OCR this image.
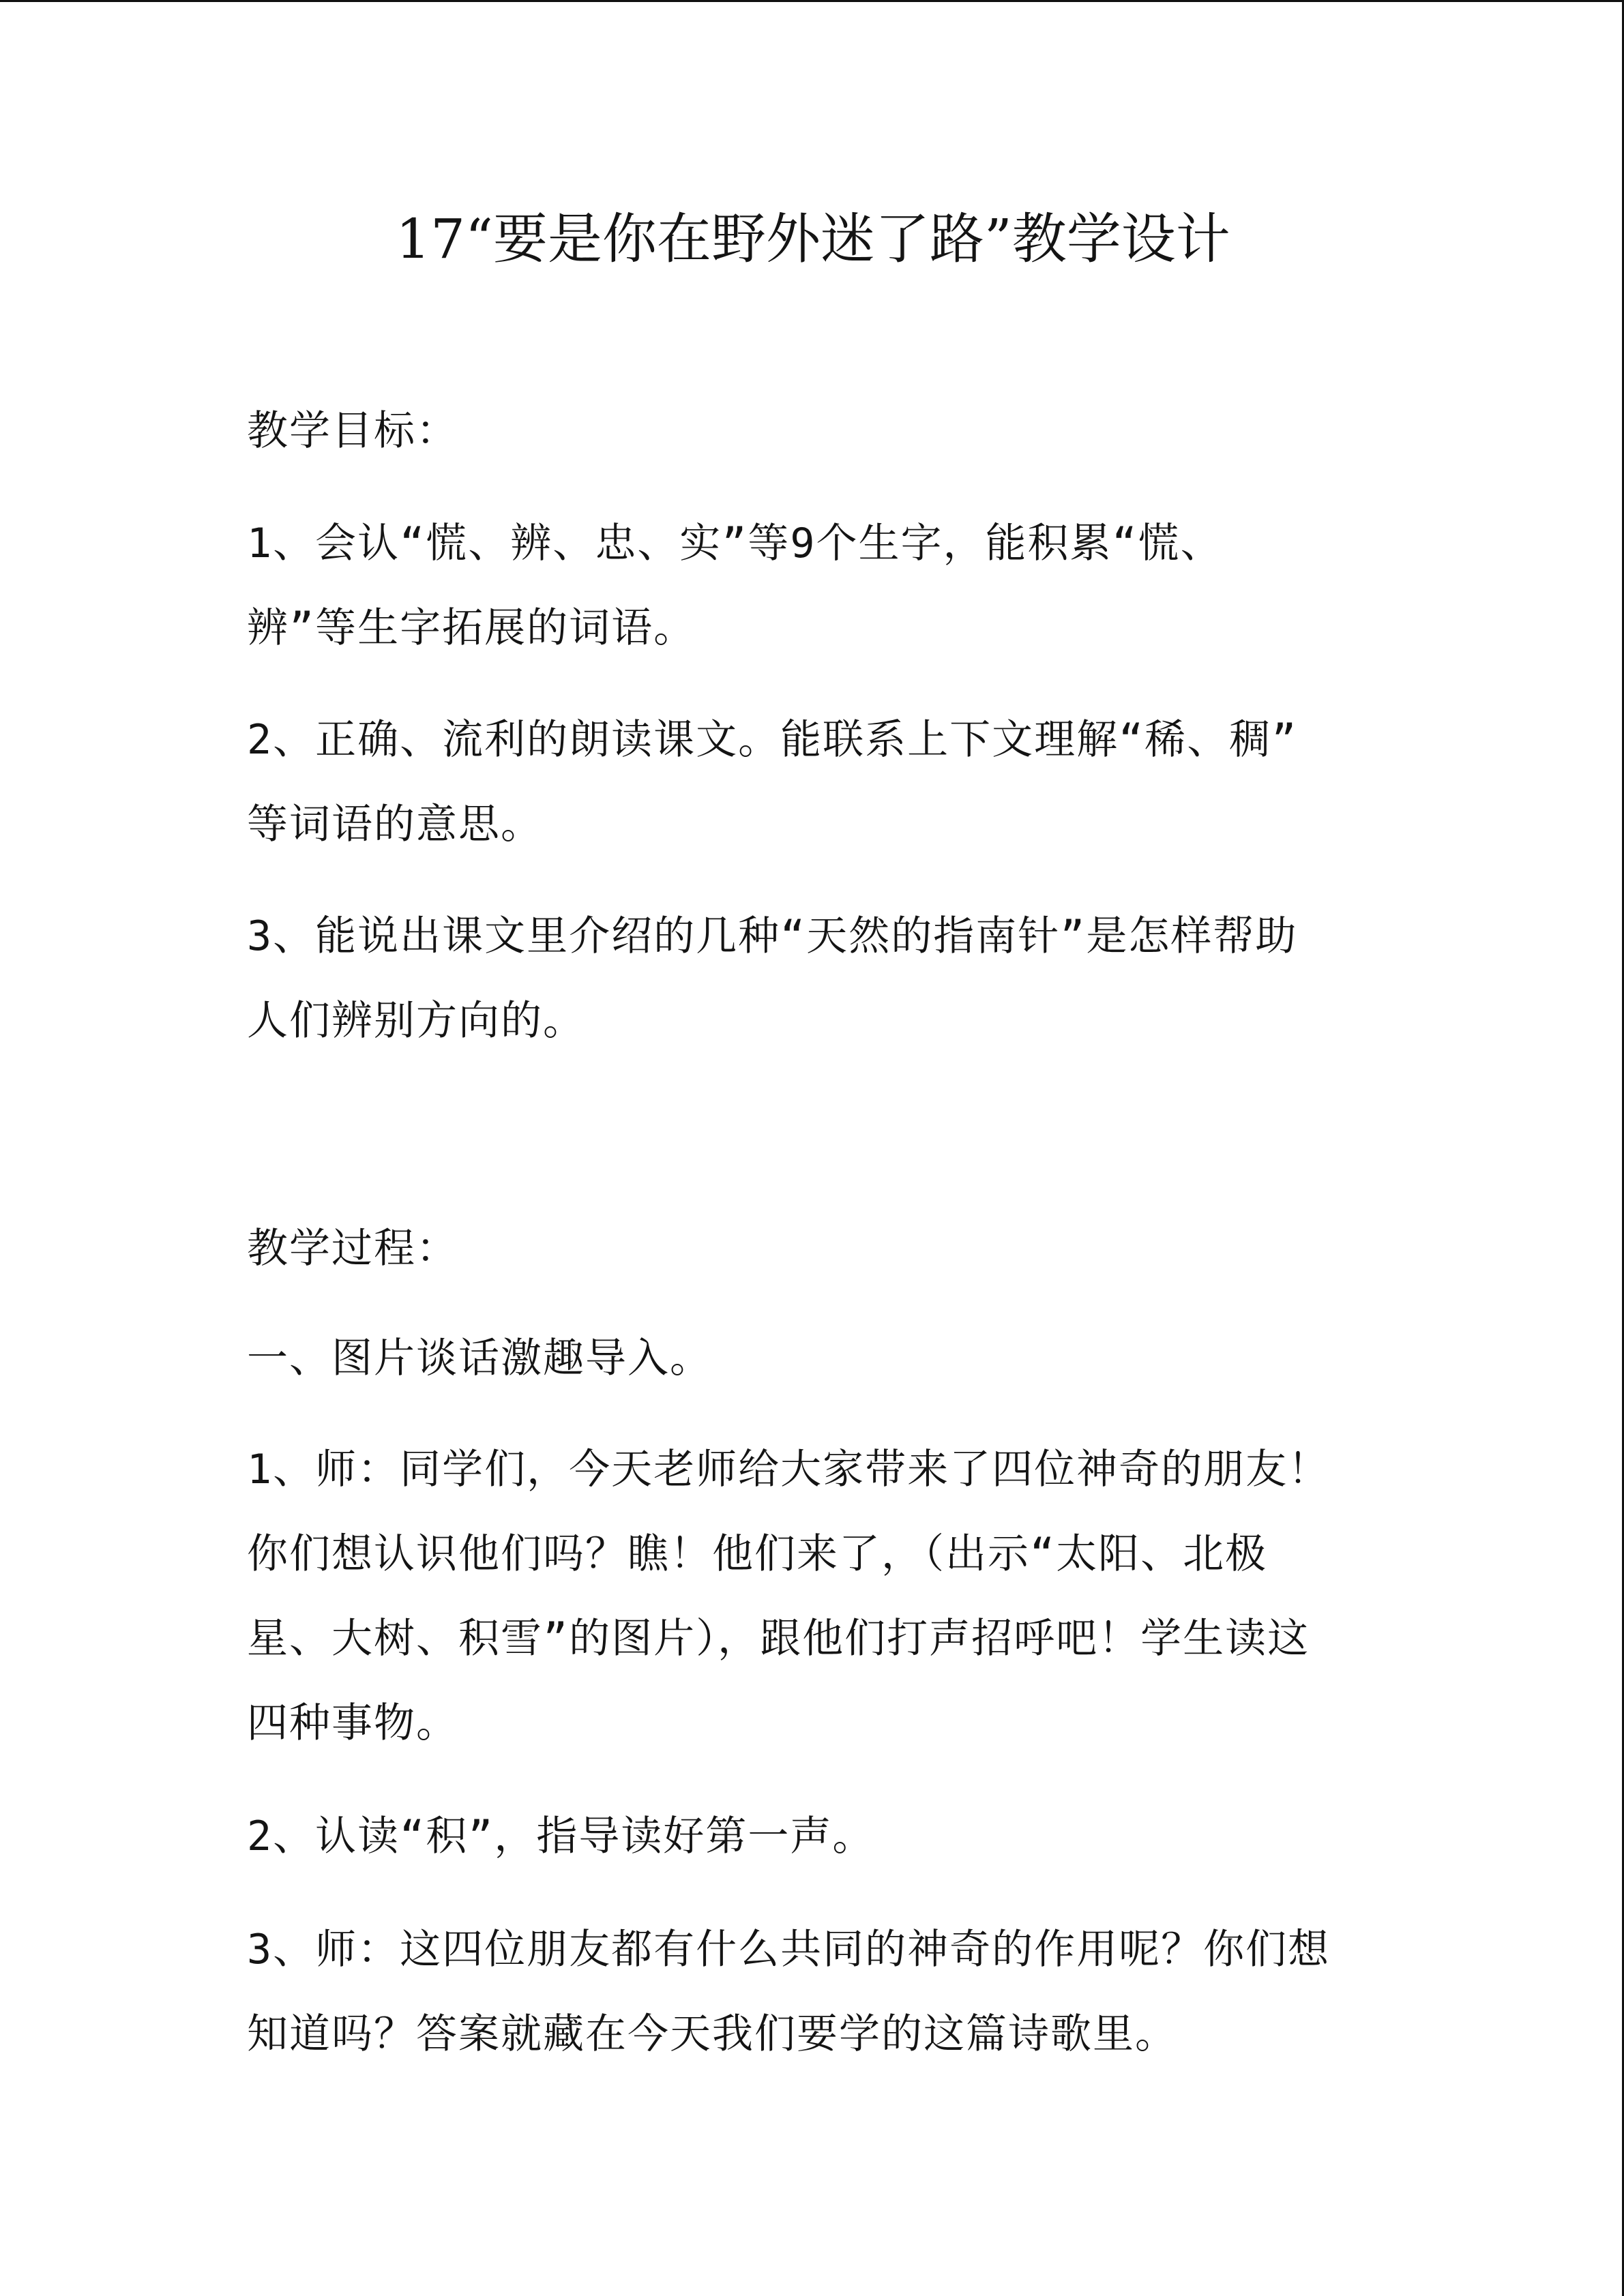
17“要是你在野外迷了路”教学设计
教学目标：
1、会认“慌、辨、忠、实”等9个生字，能积累“慌、
辨”等生字拓展的词语。
2、正确、流利的朗读课文。能联系上下文理解“稀、稠”
等词语的意思。
3、能说出课文里介绍的几种“天然的指南针”是怎样帮助
人们辨别方向的。
教学过程：
一、图片谈话激趣导入。
1、师：同学们，今天老师给大家带来了四位神奇的朋友！
你们想认识他们吗？瞧！他们来了，（出示“太阳、北极
星、大树、积雪”的图片），跟他们打声招呼吧！学生读这
四种事物。
2、认读“积”，指导读好第一声。
3、师：这四位朋友都有什么共同的神奇的作用呢？你们想
知道吗？答案就藏在今天我们要学的这篇诗歌里。
